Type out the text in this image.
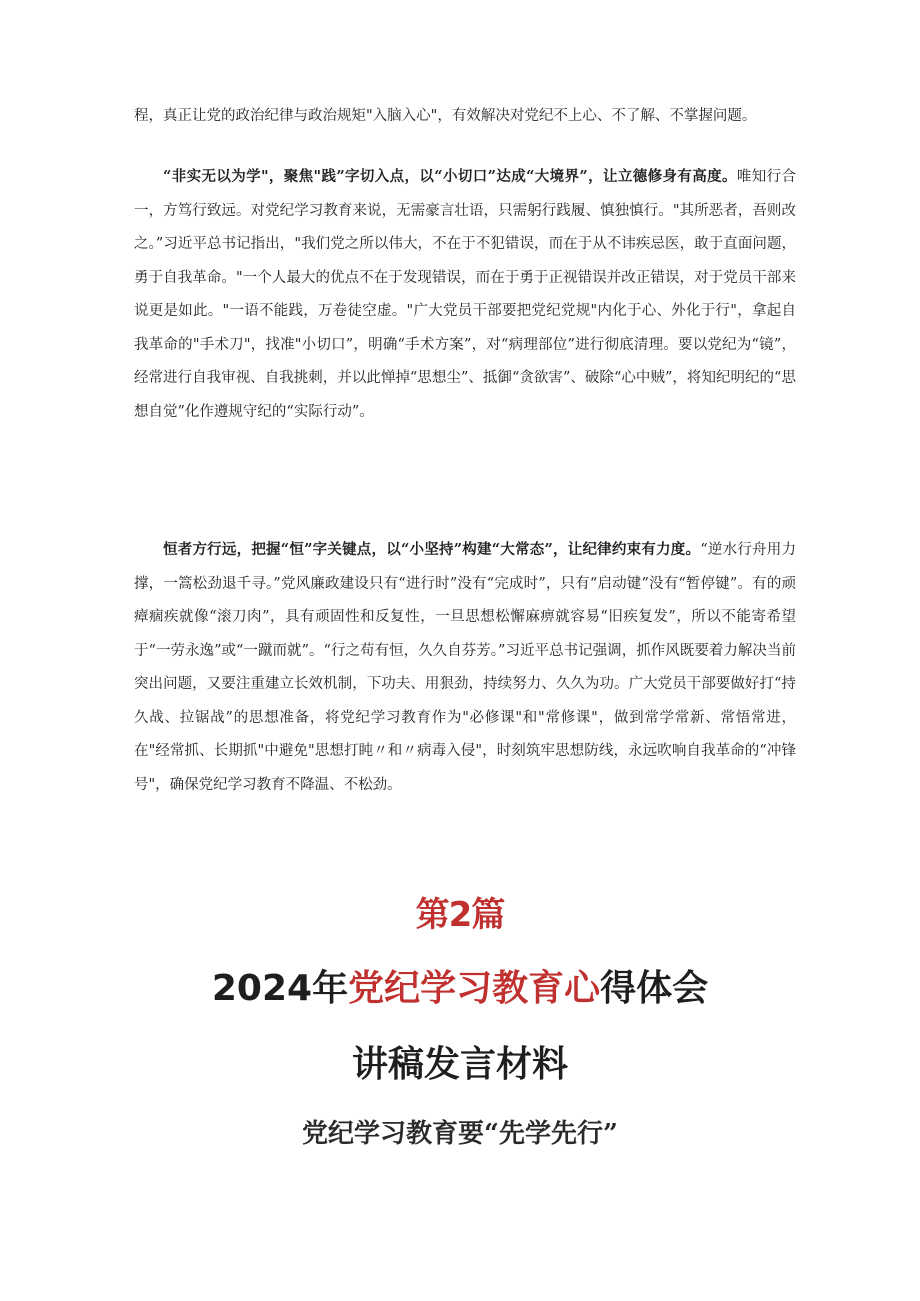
程，真正让党的政治纪律与政治规矩"入脑入心"，有效解决对党纪不上心、不了解、不掌握问题。

“非实无以为学"，聚焦"践”字切入点，以“小切口”达成“大境界”，让立德修身有高度。唯知行合一，方笃行致远。对党纪学习教育来说，无需豪言壮语，只需躬行践履、慎独慎行。"其所恶者，吾则改之。”习近平总书记指出，"我们党之所以伟大，不在于不犯错误，而在于从不讳疾忌医，敢于直面问题，勇于自我革命。"一个人最大的优点不在于发现错误，而在于勇于正视错误并改正错误，对于党员干部来说更是如此。"一语不能践，万卷徒空虚。"广大党员干部要把党纪党规"内化于心、外化于行"，拿起自我革命的"手术刀"，找准"小切口”，明确“手术方案”，对“病理部位”进行彻底清理。要以党纪为“镜”，经常进行自我审视、自我挑刺，并以此惮掉“思想尘”、抵御“贪欲害”、破除“心中贼”，将知纪明纪的“思想自觉”化作遵规守纪的“实际行动”。

恒者方行远，把握“恒”字关键点，以“小坚持”构建“大常态”，让纪律约束有力度。“逆水行舟用力撑，一篙松劲退千寻。”党风廉政建设只有“进行时”没有“完成时”，只有“启动键”没有“暂停键”。有的顽瘴痼疾就像“滚刀肉”，具有顽固性和反复性，一旦思想松懈麻痹就容易“旧疾复发”，所以不能寄希望于“一劳永逸”或“一蹴而就”。“行之苟有恒，久久自芬芳。”习近平总书记强调，抓作风既要着力解决当前突出问题，又要注重建立长效机制，下功夫、用狠劲，持续努力、久久为功。广大党员干部要做好打“持久战、拉锯战”的思想准备，将党纪学习教育作为"必修课"和"常修课"，做到常学常新、常悟常进，在"经常抓、长期抓"中避免"思想打盹〃和〃病毒入侵"，时刻筑牢思想防线，永远吹响自我革命的“冲锋号"，确保党纪学习教育不降温、不松劲。

第2篇
2024年党纪学习教育心得体会
讲稿发言材料
党纪学习教育要“先学先行”
